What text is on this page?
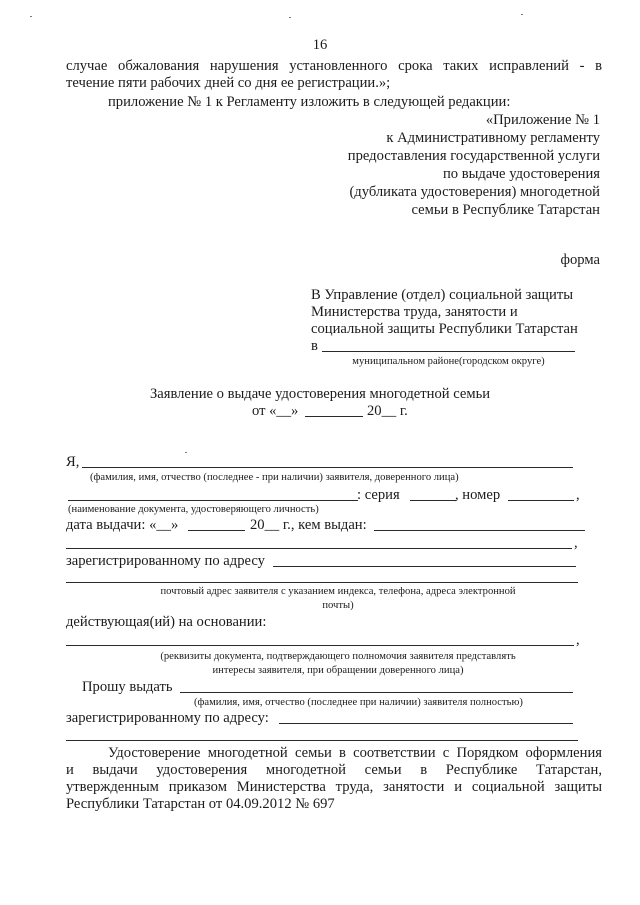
16
случае обжалования нарушения установленного срока таких исправлений - в
течение пяти рабочих дней со дня ее регистрации.»;
приложение № 1 к Регламенту изложить в следующей редакции:
«Приложение № 1
к Административному регламенту
предоставления государственной услуги
по выдаче удостоверения
(дубликата удостоверения) многодетной
семьи в Республике Татарстан
форма
В Управление (отдел) социальной защиты
Министерства труда, занятости и
социальной защиты Республики Татарстан
в
муниципальном районе(городском округе)
Заявление о выдаче удостоверения многодетной семьи
от «__»	20__ г.
Я,
(фамилия, имя, отчество (последнее - при наличии) заявителя, доверенного лица)
: серия	, номер	,
(наименование документа, удостоверяющего личность)
дата выдачи: «__»	20__ г., кем выдан:
,
зарегистрированному по адресу
почтовый адрес заявителя с указанием индекса, телефона, адреса электронной
почты)
действующая(ий) на основании:
,
(реквизиты документа, подтверждающего полномочия заявителя представлять
интересы заявителя, при обращении доверенного лица)
Прошу выдать
(фамилия, имя, отчество (последнее при наличии) заявителя полностью)
зарегистрированному по адресу:
Удостоверение многодетной семьи в соответствии с Порядком оформления
и выдачи удостоверения многодетной семьи в Республике Татарстан,
утвержденным приказом Министерства труда, занятости и социальной защиты
Республики Татарстан от 04.09.2012 № 697
